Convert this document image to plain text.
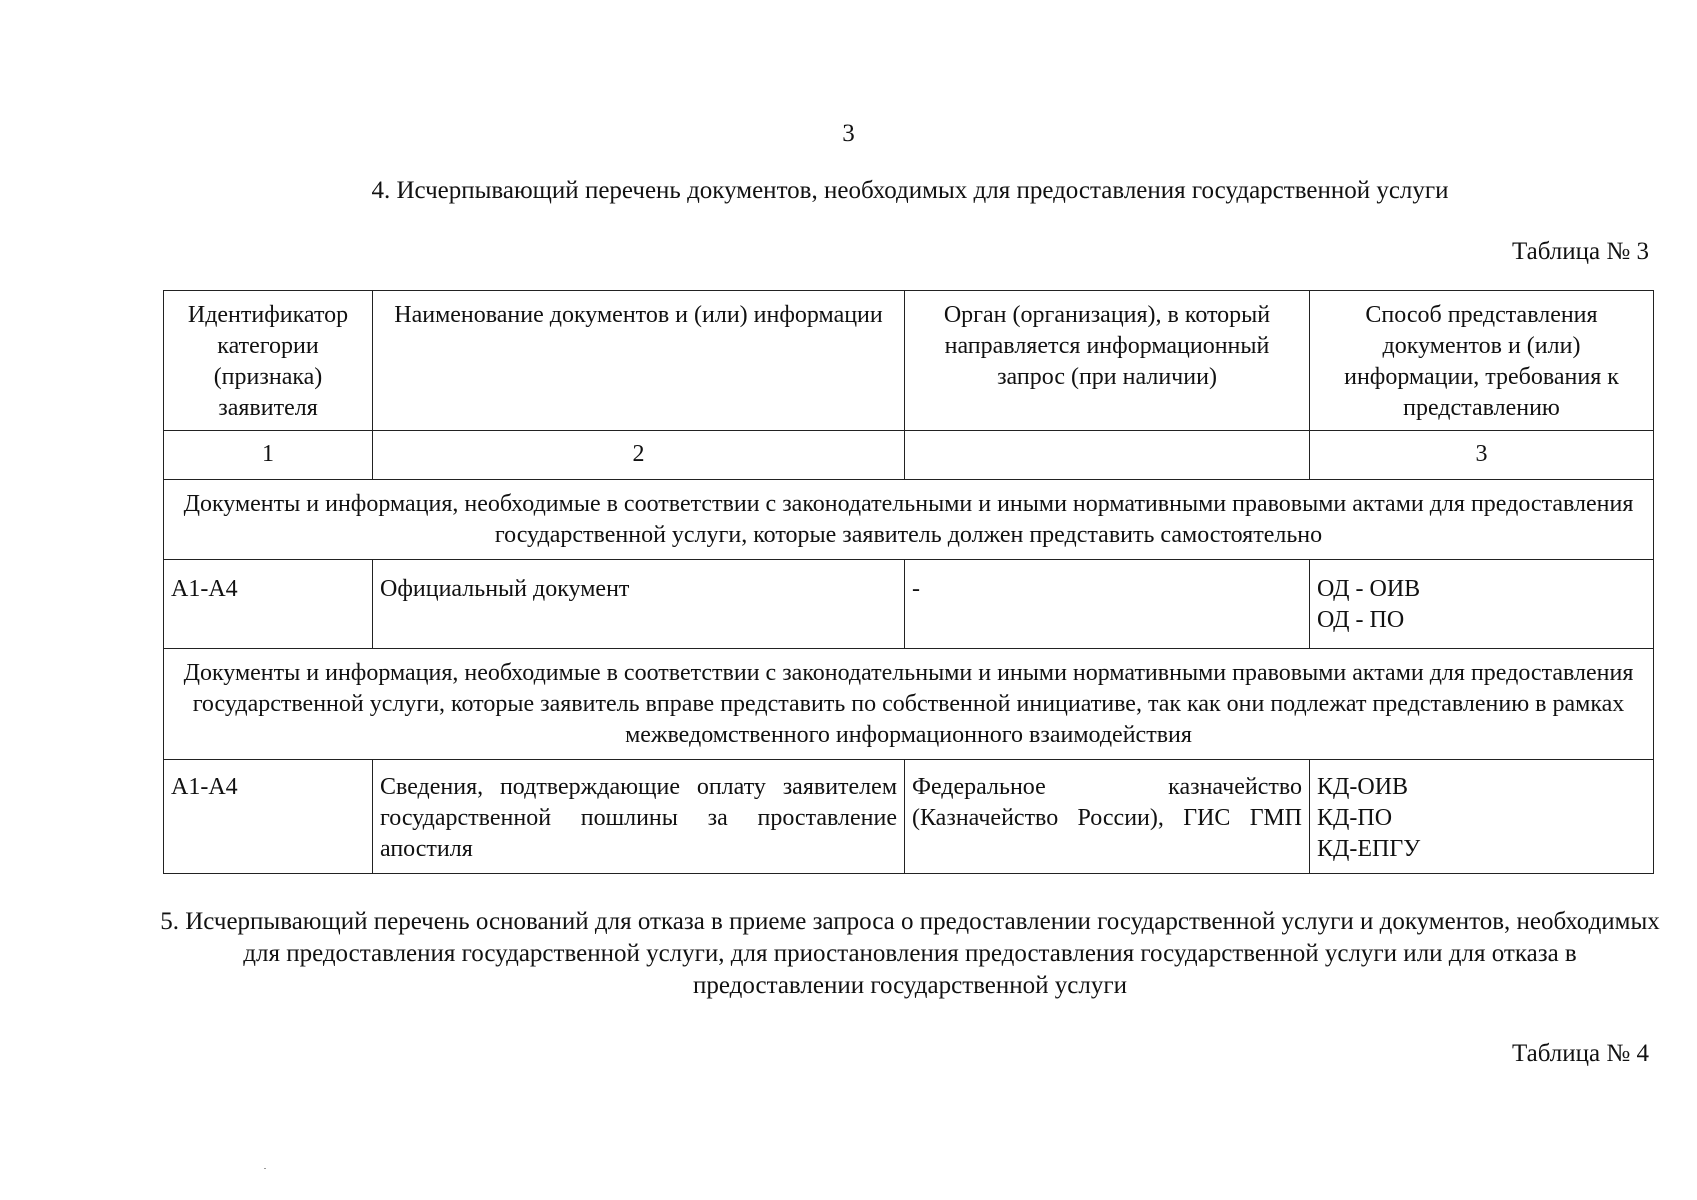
3
4. Исчерпывающий перечень документов, необходимых для предоставления государственной услуги
Таблица № 3
Идентификатор категории (признака) заявителя	Наименование документов и (или) информации	Орган (организация), в который направляется информационный запрос (при наличии)	Способ представления документов и (или) информации, требования к представлению
1	2		3
Документы и информация, необходимые в соответствии с законодательными и иными нормативными правовыми актами для предоставления государственной услуги, которые заявитель должен представить самостоятельно			
А1-А4	Официальный документ	-	ОД - ОИВ
ОД - ПО

Документы и информация, необходимые в соответствии с законодательными и иными нормативными правовыми актами для предоставления государственной услуги, которые заявитель вправе представить по собственной инициативе, так как они подлежат представлению в рамках межведомственного информационного взаимодействия			
А1-А4	Сведения, подтверждающие оплату заявителем государственной пошлины за проставление апостиля	Федеральное казначейство (Казначейство России), ГИС ГМП	КД-ОИВ
КД-ПО
КД-ЕПГУ
5. Исчерпывающий перечень оснований для отказа в приеме запроса о предоставлении государственной услуги и документов, необходимых для предоставления государственной услуги, для приостановления предоставления государственной услуги или для отказа в предоставлении государственной услуги
Таблица № 4
